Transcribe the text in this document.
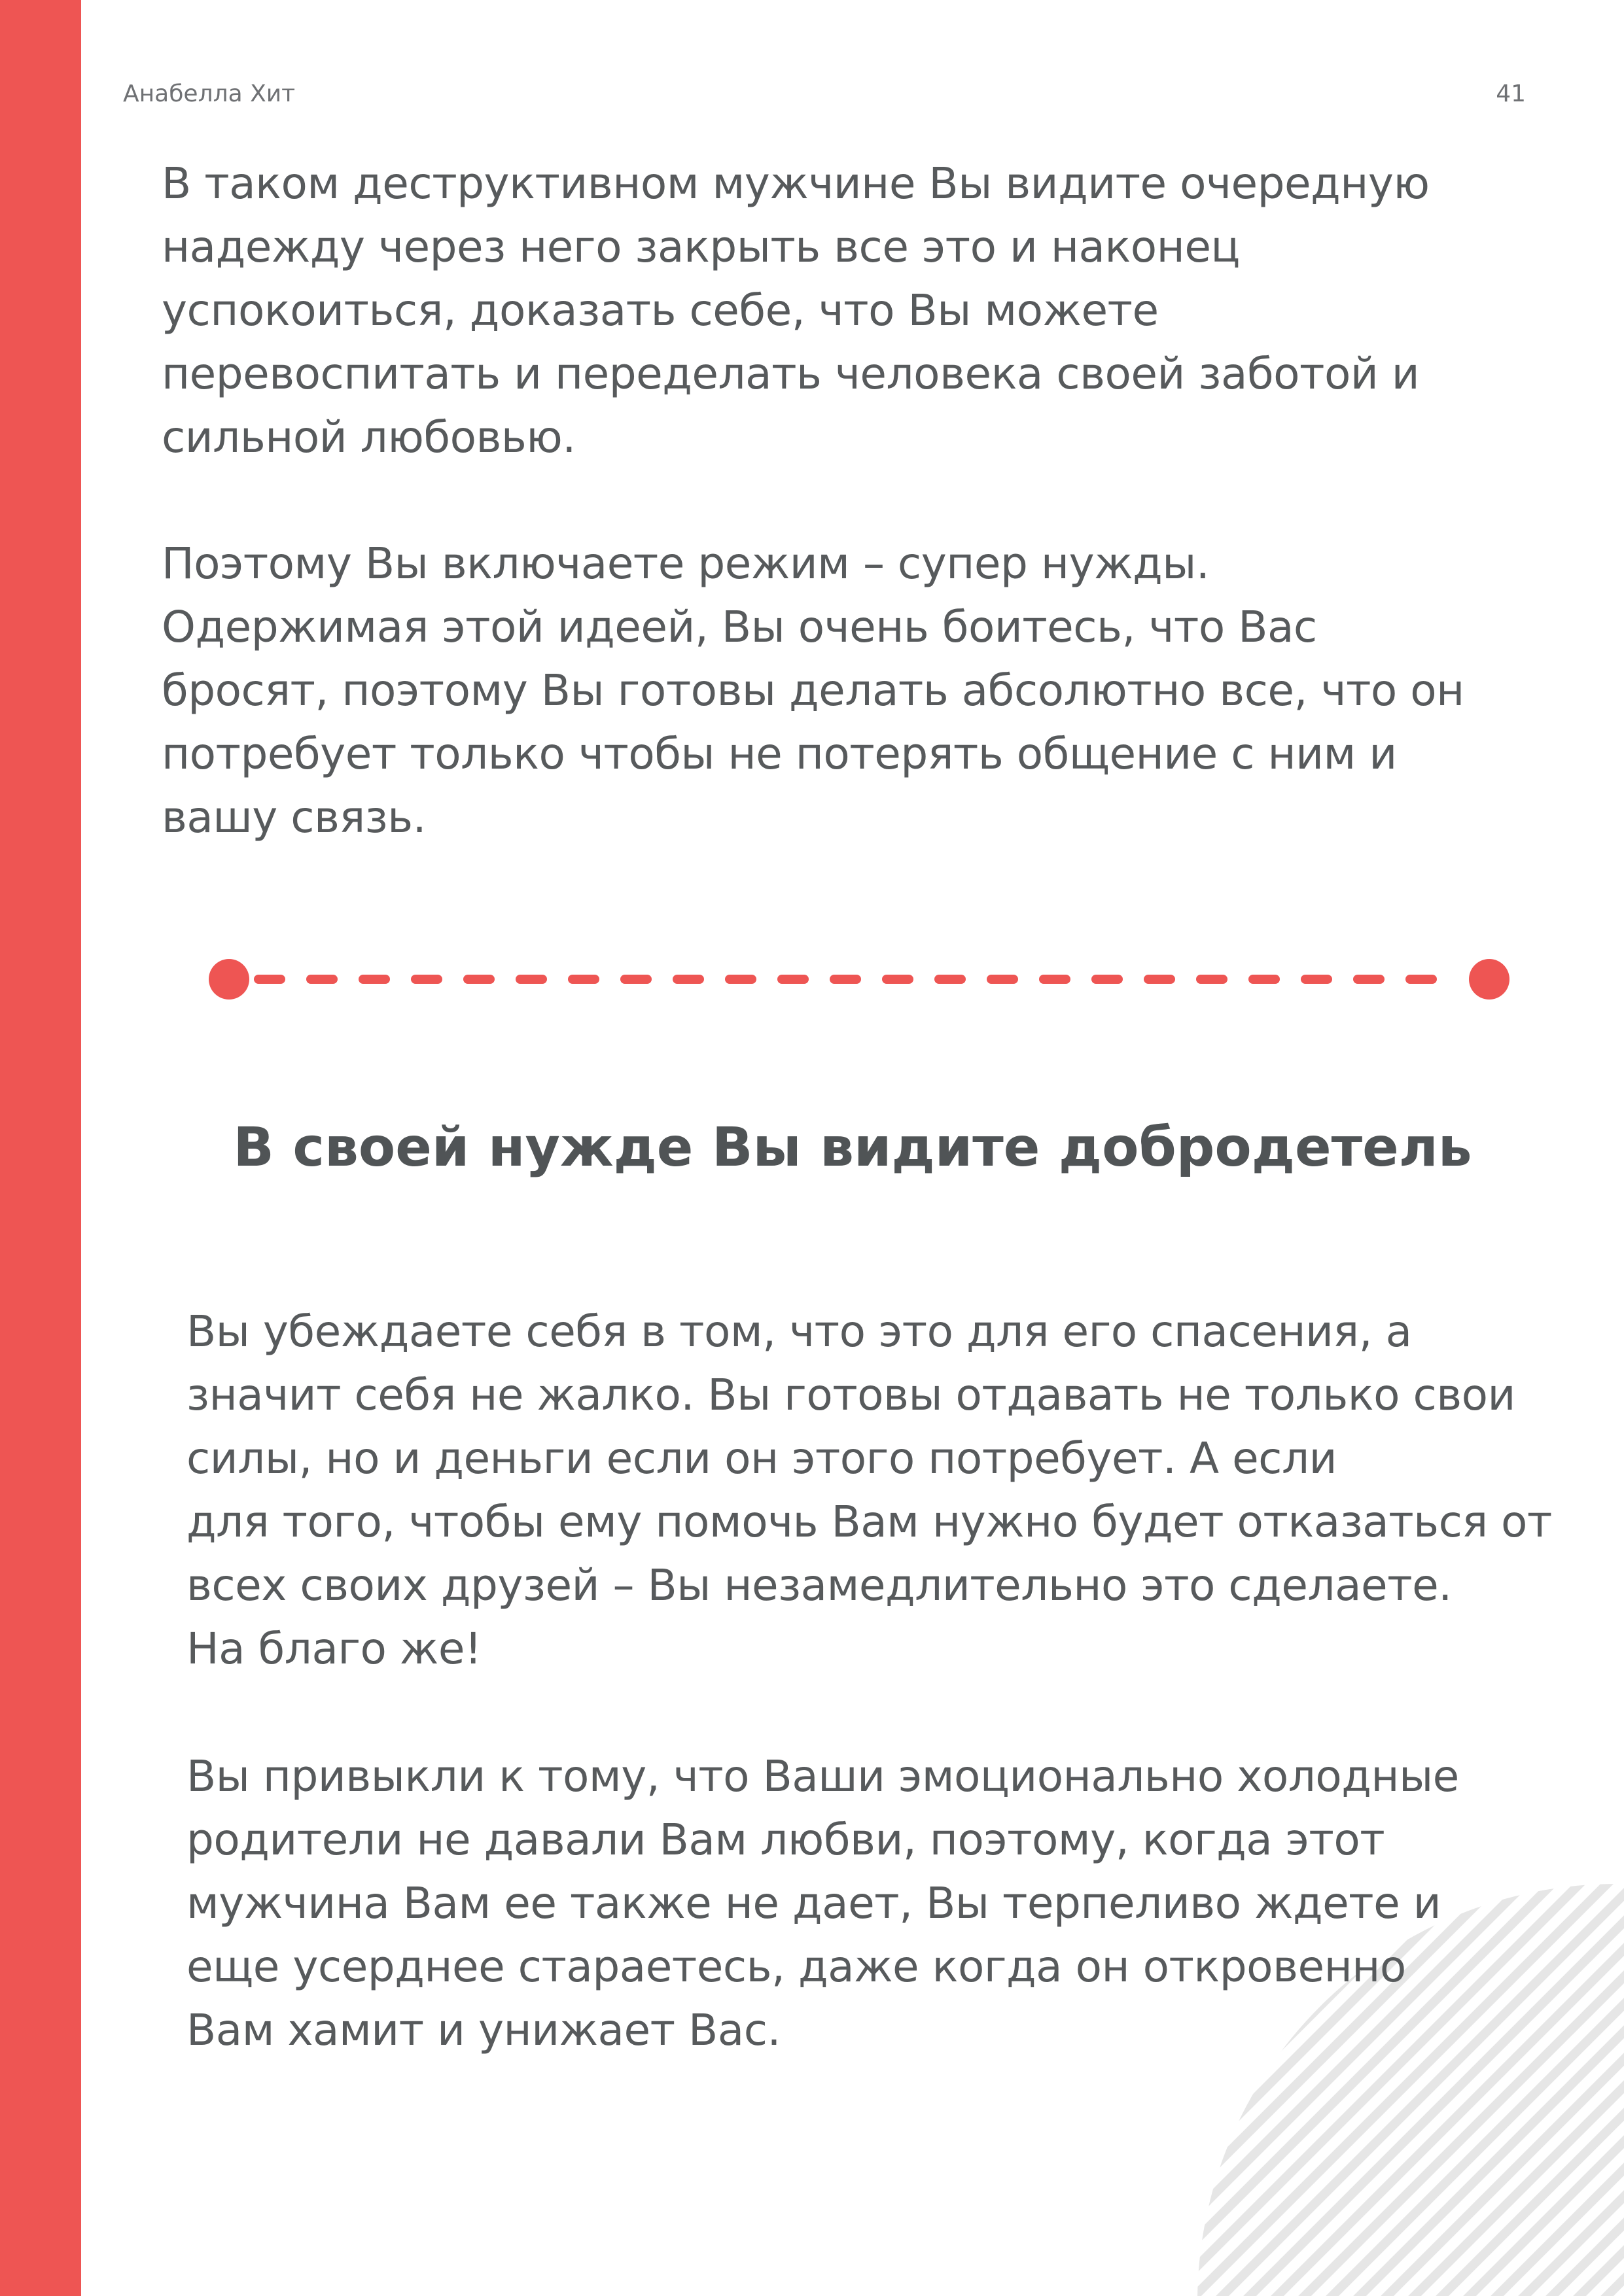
Анабелла Хит	41

В таком деструктивном мужчине Вы видите очередную
надежду через него закрыть все это и наконец
успокоиться, доказать себе, что Вы можете
перевоспитать и переделать человека своей заботой и
сильной любовью.

Поэтому Вы включаете режим – супер нужды.
Одержимая этой идеей, Вы очень боитесь, что Вас
бросят, поэтому Вы готовы делать абсолютно все, что он
потребует только чтобы не потерять общение с ним и
вашу связь.

В своей нужде Вы видите добродетель

Вы убеждаете себя в том, что это для его спасения, а
значит себя не жалко. Вы готовы отдавать не только свои
силы, но и деньги если он этого потребует. А если
для того, чтобы ему помочь Вам нужно будет отказаться от
всех своих друзей – Вы незамедлительно это сделаете.
На благо же!

Вы привыкли к тому, что Ваши эмоционально холодные
родители не давали Вам любви, поэтому, когда этот
мужчина Вам ее также не дает, Вы терпеливо ждете и
еще усерднее стараетесь, даже когда он откровенно
Вам хамит и унижает Вас.
